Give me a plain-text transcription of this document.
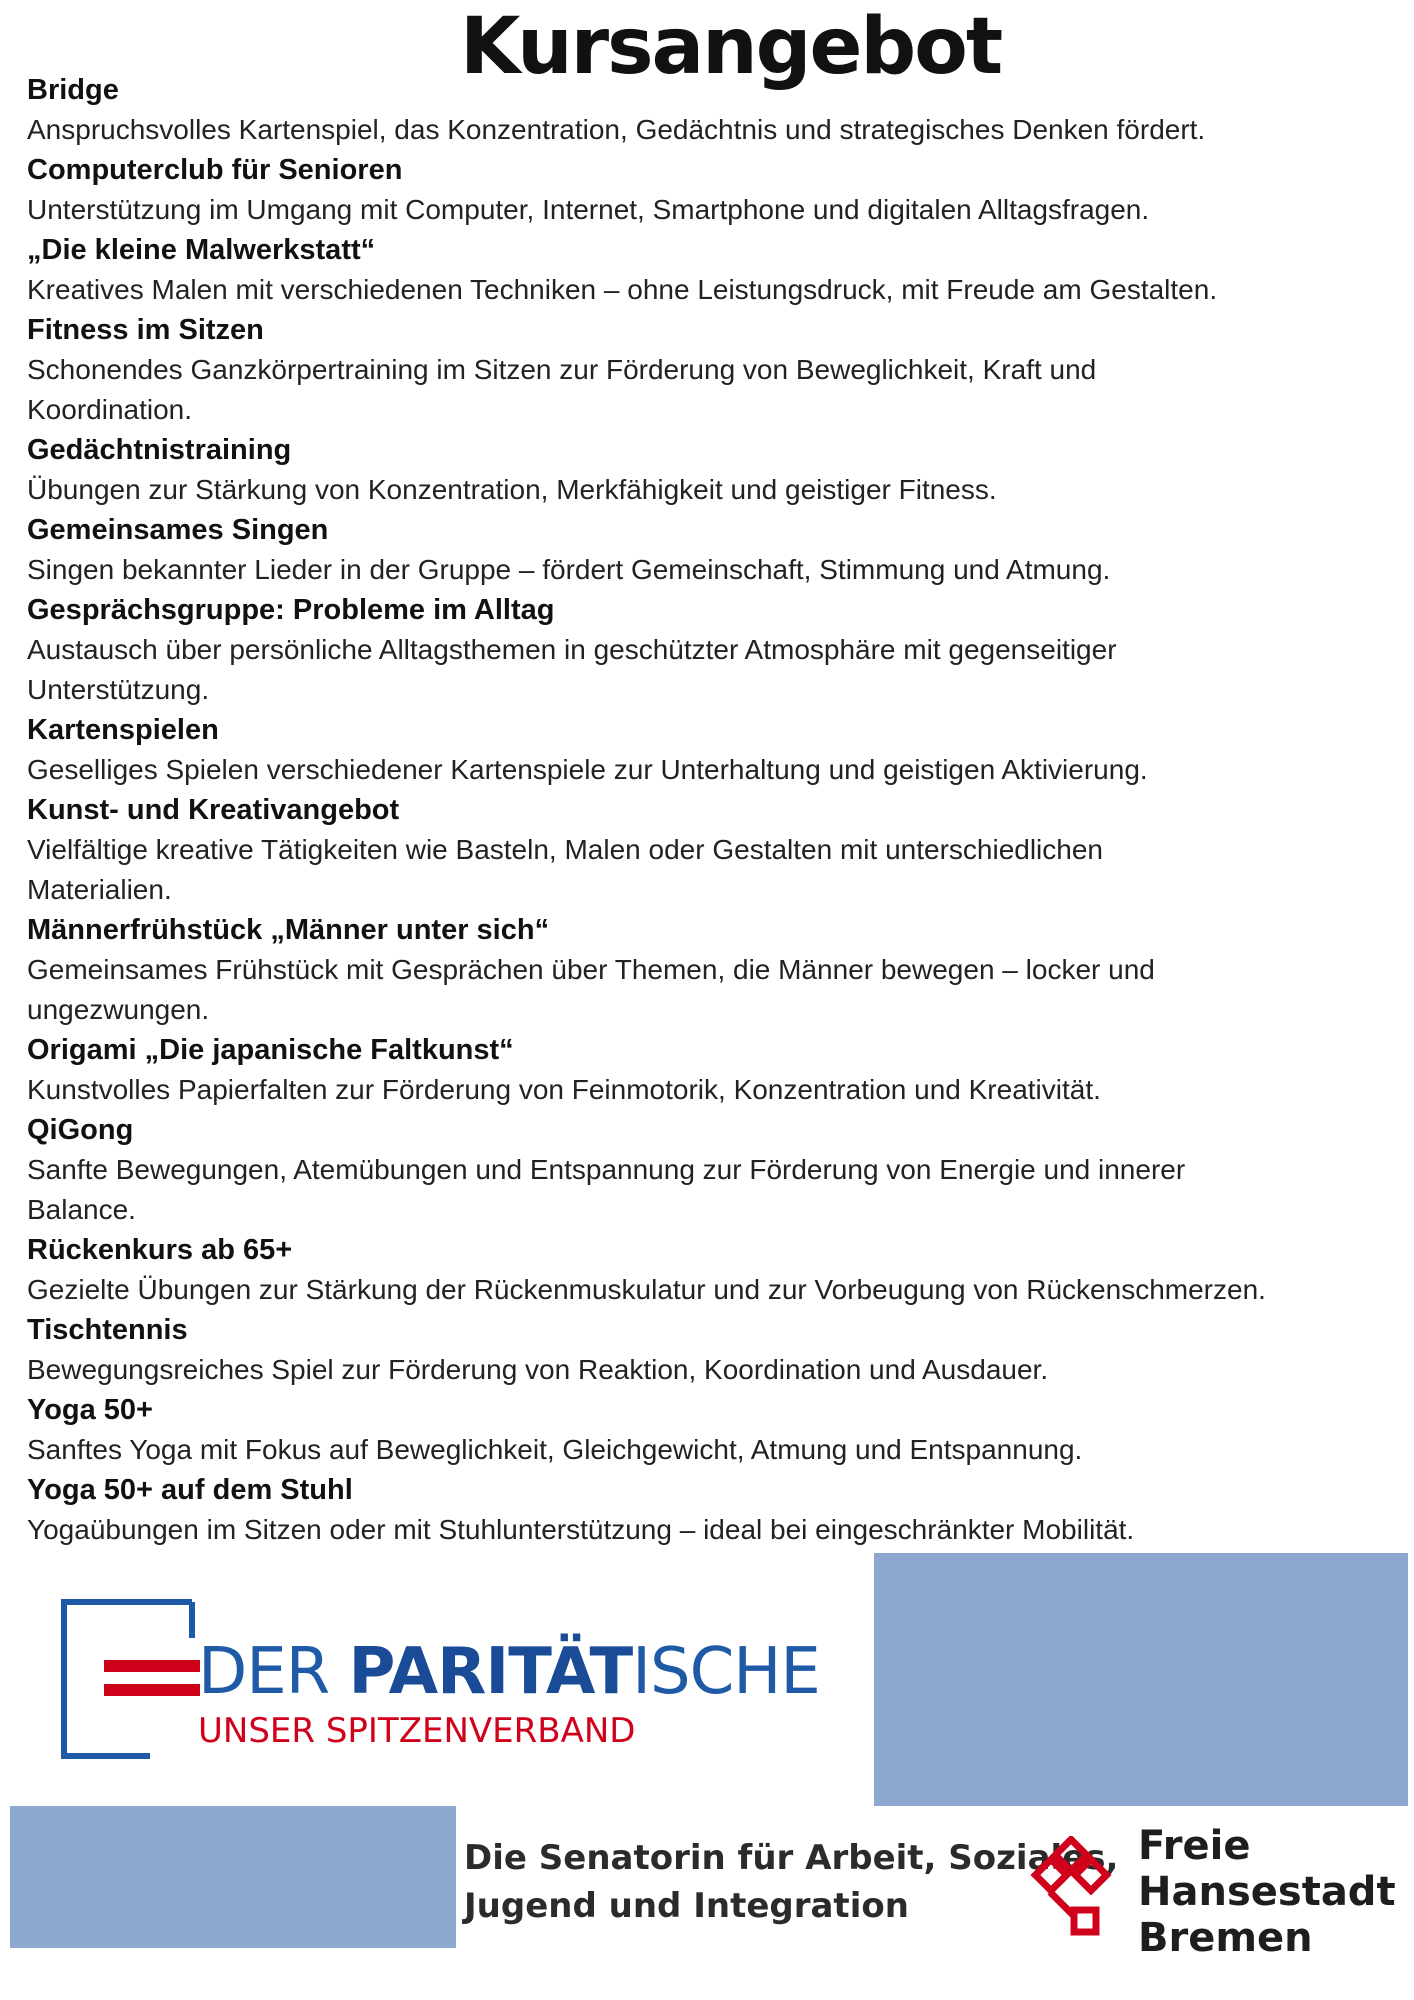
Kursangebot

Bridge

Anspruchsvolles Kartenspiel, das Konzentration, Gedächtnis und strategisches Denken fördert.

Computerclub für Senioren

Unterstützung im Umgang mit Computer, Internet, Smartphone und digitalen Alltagsfragen.

„Die kleine Malwerkstatt“

Kreatives Malen mit verschiedenen Techniken – ohne Leistungsdruck, mit Freude am Gestalten.

Fitness im Sitzen

Schonendes Ganzkörpertraining im Sitzen zur Förderung von Beweglichkeit, Kraft und

Koordination.

Gedächtnistraining

Übungen zur Stärkung von Konzentration, Merkfähigkeit und geistiger Fitness.

Gemeinsames Singen

Singen bekannter Lieder in der Gruppe – fördert Gemeinschaft, Stimmung und Atmung.

Gesprächsgruppe: Probleme im Alltag

Austausch über persönliche Alltagsthemen in geschützter Atmosphäre mit gegenseitiger

Unterstützung.

Kartenspielen

Geselliges Spielen verschiedener Kartenspiele zur Unterhaltung und geistigen Aktivierung.

Kunst- und Kreativangebot

Vielfältige kreative Tätigkeiten wie Basteln, Malen oder Gestalten mit unterschiedlichen

Materialien.

Männerfrühstück „Männer unter sich“

Gemeinsames Frühstück mit Gesprächen über Themen, die Männer bewegen – locker und

ungezwungen.

Origami „Die japanische Faltkunst“

Kunstvolles Papierfalten zur Förderung von Feinmotorik, Konzentration und Kreativität.

QiGong

Sanfte Bewegungen, Atemübungen und Entspannung zur Förderung von Energie und innerer

Balance.

Rückenkurs ab 65+

Gezielte Übungen zur Stärkung der Rückenmuskulatur und zur Vorbeugung von Rückenschmerzen.

Tischtennis

Bewegungsreiches Spiel zur Förderung von Reaktion, Koordination und Ausdauer.

Yoga 50+

Sanftes Yoga mit Fokus auf Beweglichkeit, Gleichgewicht, Atmung und Entspannung.

Yoga 50+ auf dem Stuhl

Yogaübungen im Sitzen oder mit Stuhlunterstützung – ideal bei eingeschränkter Mobilität.

DER PARITÄTISCHE

UNSER SPITZENVERBAND

Die Senatorin für Arbeit, Soziales,

Jugend und Integration

Freie

Hansestadt

Bremen
